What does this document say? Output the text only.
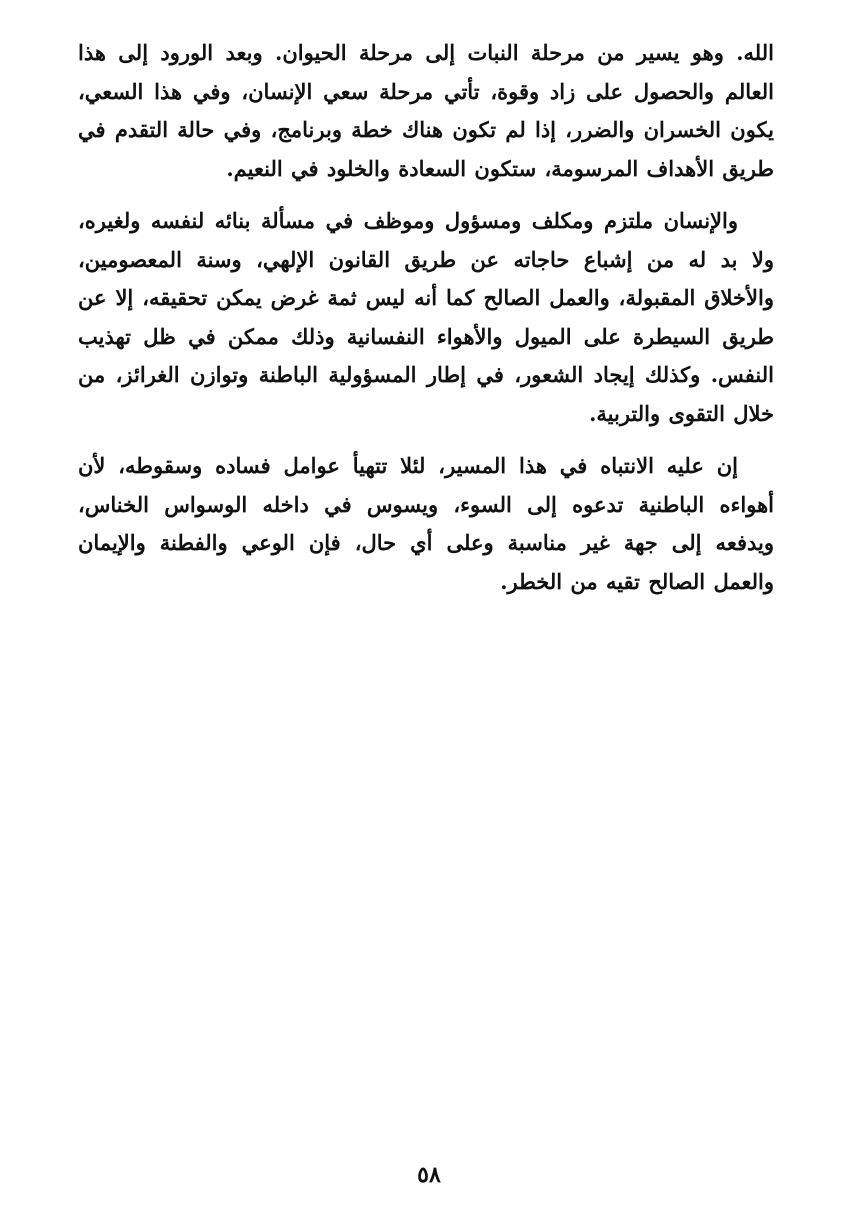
الله. وهو يسير من مرحلة النبات إلى مرحلة الحيوان. وبعد الورود إلى هذا العالم والحصول على زاد وقوة، تأتي مرحلة سعي الإنسان، وفي هذا السعي، يكون الخسران والضرر، إذا لم تكون هناك خطة وبرنامج، وفي حالة التقدم في طريق الأهداف المرسومة، ستكون السعادة والخلود في النعيم.

والإنسان ملتزم ومكلف ومسؤول وموظف في مسألة بنائه لنفسه ولغيره، ولا بد له من إشباع حاجاته عن طريق القانون الإلهي، وسنة المعصومين، والأخلاق المقبولة، والعمل الصالح كما أنه ليس ثمة غرض يمكن تحقيقه، إلا عن طريق السيطرة على الميول والأهواء النفسانية وذلك ممكن في ظل تهذيب النفس. وكذلك إيجاد الشعور، في إطار المسؤولية الباطنة وتوازن الغرائز، من خلال التقوى والتربية.

إن عليه الانتباه في هذا المسير، لئلا تتهيأ عوامل فساده وسقوطه، لأن أهواءه الباطنية تدعوه إلى السوء، ويسوس في داخله الوسواس الخناس، ويدفعه إلى جهة غير مناسبة وعلى أي حال، فإن الوعي والفطنة والإيمان والعمل الصالح تقيه من الخطر.

٥٨
